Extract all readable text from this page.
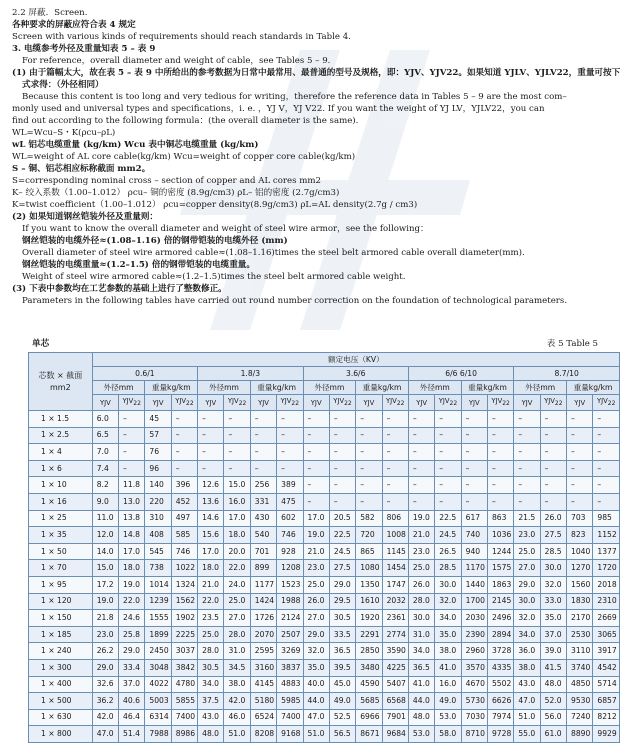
2.2 屏蔽．Screen.
各种要求的屏蔽应符合表 4 规定
Screen with various kinds of requirements should reach standards in Table 4.
3. 电缆参考外径及重量知表 5 – 表 9
For reference，overall diameter and weight of cable，see Tables 5 – 9.
(1) 由于篇幅太大，故在表 5 – 表 9 中所给出的参考数据为日常中最常用、最普通的型号及规格，即：YJV、YJV22。如果知道 YJLV、YJLV22，重量可按下
式求得：（外径相同）
Because this content is too long and very tedious for writing，therefore the reference data in Tables 5 – 9 are the most com–
monly used and universal types and specifications，i. e. ，YJ V，YJ V22. If you want the weight of YJ LV，YJLV22，you can
find out according to the following formula：(the overall diameter is the same).
WL=Wcu–S・K(ρcu–ρL)
wL 铝芯电缆重量 (kg/km) Wcu 表中铜芯电缆重量 (kg/km)
WL=weight of AL core cable(kg/km) Wcu=weight of copper core cable(kg/km)
S – 铜、铝芯相应标称截面 mm2。
S=corresponding nominal cross – section of copper and AL cores mm2
K– 绞入系数（1.00–1.012） ρcu– 铜的密度 (8.9g/cm3) ρL– 铝的密度 (2.7g/cm3)
K=twist coefficient（1.00–1.012） ρcu=copper density(8.9g/cm3) ρL=AL density(2.7g / cm3)
(2) 如果知道钢丝铠装外径及重量则：
If you want to know the overall diameter and weight of steel wire armor，see the following：
钢丝铠装的电缆外径≈(1.08–1.16) 倍的钢带铠装的电缆外径 (mm)
Overall diameter of steel wire armored cable≈(1.08–1.16)times the steel belt armored cable overall diameter(mm).
钢丝铠装的电缆重量≈(1.2–1.5) 倍的钢带铠装的电缆重量。
Weight of steel wire armored cable≈(1.2–1.5)times the steel belt armored cable weight.
(3) 下表中参数均在工艺参数的基础上进行了整数修正。
Parameters in the following tables have carried out round number correction on the foundation of technological parameters.
单芯	表 5 Table 5
芯数 × 截面 mm2	额定电压（KV）																			
	0.6/1				1.8/3				3.6/6				6/6 6/10				8.7/10			
	外径mm		重量kg/km		外径mm		重量kg/km		外径mm		重量kg/km		外径mm		重量kg/km		外径mm		重量kg/km	
	YJV	YJV22	YJV	YJV22	YJV	YJV22	YJV	YJV22	YJV	YJV22	YJV	YJV22	YJV	YJV22	YJV	YJV22	YJV	YJV22	YJV	YJV22
1 × 1.5	6.0	–	45	–	–	–	–	–	–	–	–	–	–	–	–	–	–	–	–	–
1 × 2.5	6.5	–	57	–	–	–	–	–	–	–	–	–	–	–	–	–	–	–	–	–
1 × 4	7.0	–	76	–	–	–	–	–	–	–	–	–	–	–	–	–	–	–	–	–
1 × 6	7.4	–	96	–	–	–	–	–	–	–	–	–	–	–	–	–	–	–	–	–
1 × 10	8.2	11.8	140	396	12.6	15.0	256	389	–	–	–	–	–	–	–	–	–	–	–	–
1 × 16	9.0	13.0	220	452	13.6	16.0	331	475	–	–	–	–	–	–	–	–	–	–	–	–
1 × 25	11.0	13.8	310	497	14.6	17.0	430	602	17.0	20.5	582	806	19.0	22.5	617	863	21.5	26.0	703	985
1 × 35	12.0	14.8	408	585	15.6	18.0	540	746	19.0	22.5	720	1008	21.0	24.5	740	1036	23.0	27.5	823	1152
1 × 50	14.0	17.0	545	746	17.0	20.0	701	928	21.0	24.5	865	1145	23.0	26.5	940	1244	25.0	28.5	1040	1377
1 × 70	15.0	18.0	738	1022	18.0	22.0	899	1208	23.0	27.5	1080	1454	25.0	28.5	1170	1575	27.0	30.0	1270	1720
1 × 95	17.2	19.0	1014	1324	21.0	24.0	1177	1523	25.0	29.0	1350	1747	26.0	30.0	1440	1863	29.0	32.0	1560	2018
1 × 120	19.0	22.0	1239	1562	22.0	25.0	1424	1988	26.0	29.5	1610	2032	28.0	32.0	1700	2145	30.0	33.0	1830	2310
1 × 150	21.8	24.6	1555	1902	23.5	27.0	1726	2124	27.0	30.5	1920	2361	30.0	34.0	2030	2496	32.0	35.0	2170	2669
1 × 185	23.0	25.8	1899	2225	25.0	28.0	2070	2507	29.0	33.5	2291	2774	31.0	35.0	2390	2894	34.0	37.0	2530	3065
1 × 240	26.2	29.0	2450	3037	28.0	31.0	2595	3269	32.0	36.5	2850	3590	34.0	38.0	2960	3728	36.0	39.0	3110	3917
1 × 300	29.0	33.4	3048	3842	30.5	34.5	3160	3837	35.0	39.5	3480	4225	36.5	41.0	3570	4335	38.0	41.5	3740	4542
1 × 400	32.6	37.0	4022	4780	34.0	38.0	4145	4883	40.0	45.0	4590	5407	41.0	16.0	4670	5502	43.0	48.0	4850	5714
1 × 500	36.2	40.6	5003	5855	37.5	42.0	5180	5985	44.0	49.0	5685	6568	44.0	49.0	5730	6626	47.0	52.0	9530	6857
1 × 630	42.0	46.4	6314	7400	43.0	46.0	6524	7400	47.0	52.5	6966	7901	48.0	53.0	7030	7974	51.0	56.0	7240	8212
1 × 800	47.0	51.4	7988	8986	48.0	51.0	8208	9168	51.0	56.5	8671	9684	53.0	58.0	8710	9728	55.0	61.0	8890	9929
